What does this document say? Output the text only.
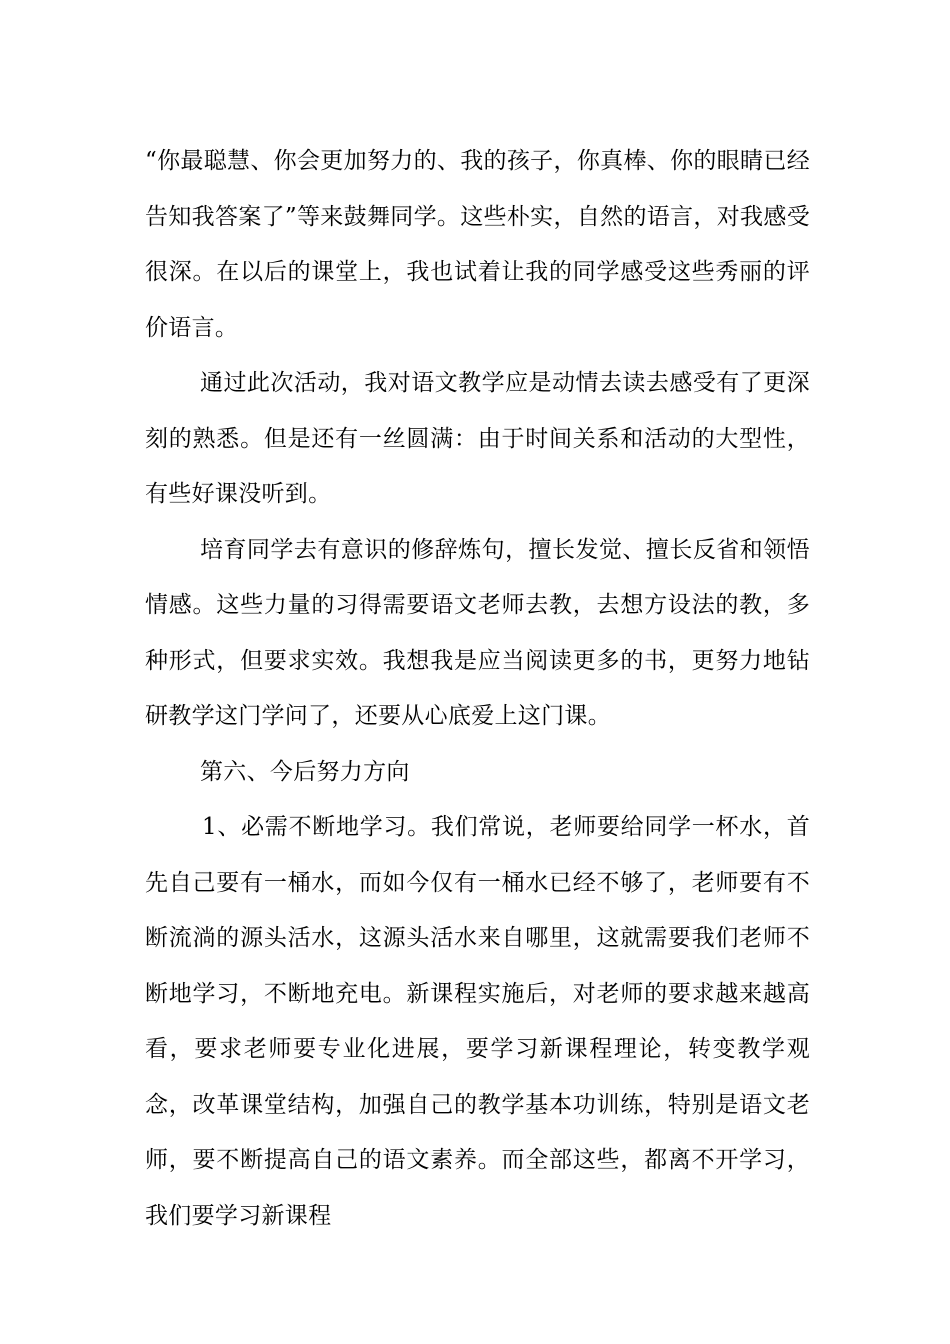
“你最聪慧、你会更加努力的、我的孩子，你真棒、你的眼睛已经告知我答案了”等来鼓舞同学。这些朴实，自然的语言，对我感受很深。在以后的课堂上，我也试着让我的同学感受这些秀丽的评价语言。

通过此次活动，我对语文教学应是动情去读去感受有了更深刻的熟悉。但是还有一丝圆满：由于时间关系和活动的大型性，有些好课没听到。

培育同学去有意识的修辞炼句，擅长发觉、擅长反省和领悟情感。这些力量的习得需要语文老师去教，去想方设法的教，多种形式，但要求实效。我想我是应当阅读更多的书，更努力地钻研教学这门学问了，还要从心底爱上这门课。

第六、今后努力方向

1、必需不断地学习。我们常说，老师要给同学一杯水，首先自己要有一桶水，而如今仅有一桶水已经不够了，老师要有不断流淌的源头活水，这源头活水来自哪里，这就需要我们老师不断地学习，不断地充电。新课程实施后，对老师的要求越来越高看，要求老师要专业化进展，要学习新课程理论，转变教学观念，改革课堂结构，加强自己的教学基本功训练，特别是语文老师，要不断提高自己的语文素养。而全部这些，都离不开学习，我们要学习新课程
